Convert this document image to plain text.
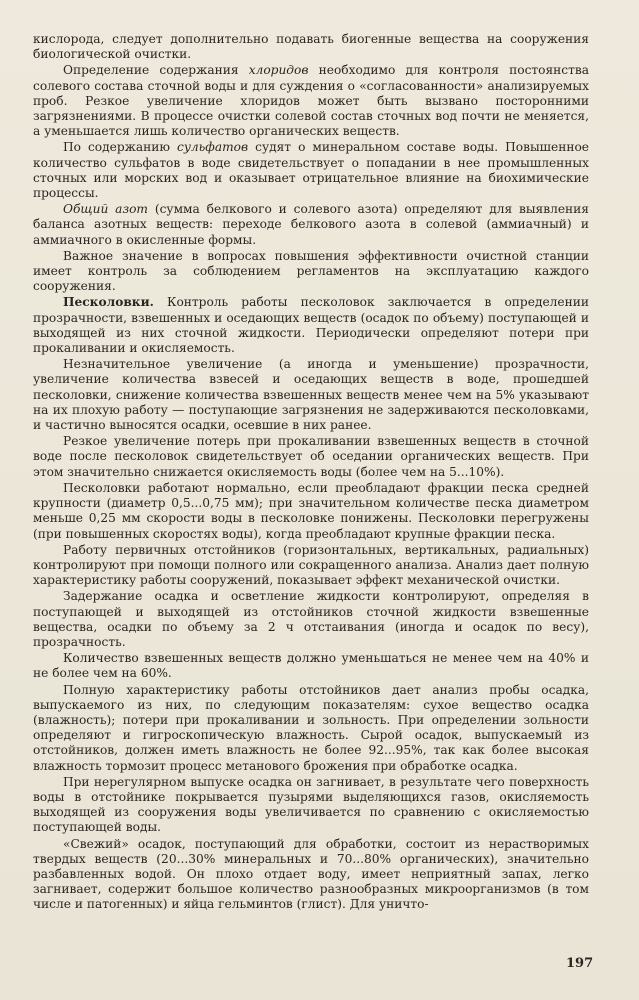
кислорода, следует дополнительно подавать биогенные вещества на сооружения биологической очистки.

Определение содержания хлоридов необходимо для контроля постоянства солевого состава сточной воды и для суждения о «согласованности» анализируемых проб. Резкое увеличение хлоридов может быть вызвано посторонними загрязнениями. В процессе очистки солевой состав сточных вод почти не меняется, а уменьшается лишь количество органических веществ.

По содержанию сульфатов судят о минеральном составе воды. Повышенное количество сульфатов в воде свидетельствует о попадании в нее промышленных сточных или морских вод и оказывает отрицательное влияние на биохимические процессы.

Общий азот (сумма белкового и солевого азота) определяют для выявления баланса азотных веществ: переходе белкового азота в солевой (аммиачный) и аммиачного в окисленные формы.

Важное значение в вопросах повышения эффективности очистной станции имеет контроль за соблюдением регламентов на эксплуатацию каждого сооружения.

Песколовки. Контроль работы песколовок заключается в определении прозрачности, взвешенных и оседающих веществ (осадок по объему) поступающей и выходящей из них сточной жидкости. Периодически определяют потери при прокаливании и окисляемость.

Незначительное увеличение (а иногда и уменьшение) прозрачности, увеличение количества взвесей и оседающих веществ в воде, прошедшей песколовки, снижение количества взвешенных веществ менее чем на 5% указывают на их плохую работу — поступающие загрязнения не задерживаются песколовками, и частично выносятся осадки, осевшие в них ранее.

Резкое увеличение потерь при прокаливании взвешенных веществ в сточной воде после песколовок свидетельствует об оседании органических веществ. При этом значительно снижается окисляемость воды (более чем на 5...10%).

Песколовки работают нормально, если преобладают фракции песка средней крупности (диаметр 0,5...0,75 мм); при значительном количестве песка диаметром меньше 0,25 мм скорости воды в песколовке понижены. Песколовки перегружены (при повышенных скоростях воды), когда преобладают крупные фракции песка.

Работу первичных отстойников (горизонтальных, вертикальных, радиальных) контролируют при помощи полного или сокращенного анализа. Анализ дает полную характеристику работы сооружений, показывает эффект механической очистки.

Задержание осадка и осветление жидкости контролируют, определяя в поступающей и выходящей из отстойников сточной жидкости взвешенные вещества, осадки по объему за 2 ч отстаивания (иногда и осадок по весу), прозрачность.

Количество взвешенных веществ должно уменьшаться не менее чем на 40% и не более чем на 60%.

Полную характеристику работы отстойников дает анализ пробы осадка, выпускаемого из них, по следующим показателям: сухое вещество осадка (влажность); потери при прокаливании и зольность. При определении зольности определяют и гигроскопическую влажность. Сырой осадок, выпускаемый из отстойников, должен иметь влажность не более 92...95%, так как более высокая влажность тормозит процесс метанового брожения при обработке осадка.

При нерегулярном выпуске осадка он загнивает, в результате чего поверхность воды в отстойнике покрывается пузырями выделяющихся газов, окисляемость выходящей из сооружения воды увеличивается по сравнению с окисляемостью поступающей воды.

«Свежий» осадок, поступающий для обработки, состоит из нерастворимых твердых веществ (20...30% минеральных и 70...80% органических), значительно разбавленных водой. Он плохо отдает воду, имеет неприятный запах, легко загнивает, содержит большое количество разнообразных микроорганизмов (в том числе и патогенных) и яйца гельминтов (глист). Для уничто-

197
